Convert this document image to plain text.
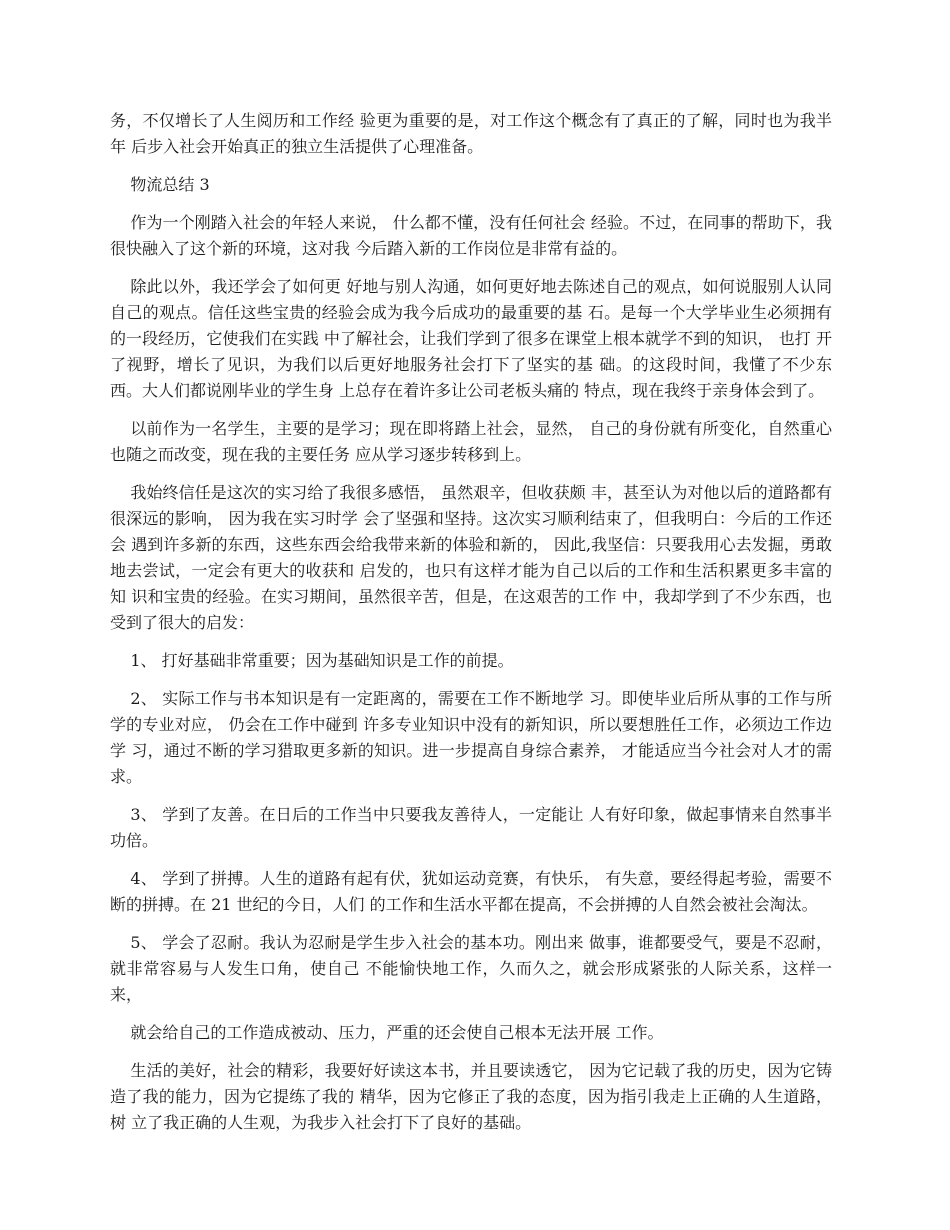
务，不仅增长了人生阅历和工作经 验更为重要的是，对工作这个概念有了真正的了解，同时也为我半年 后步入社会开始真正的独立生活提供了心理准备。

物流总结 3

作为一个刚踏入社会的年轻人来说， 什么都不懂，没有任何社会 经验。不过，在同事的帮助下，我很快融入了这个新的环境，这对我 今后踏入新的工作岗位是非常有益的。

除此以外，我还学会了如何更 好地与别人沟通，如何更好地去陈述自己的观点，如何说服别人认同 自己的观点。信任这些宝贵的经验会成为我今后成功的最重要的基 石。是每一个大学毕业生必须拥有的一段经历，它使我们在实践 中了解社会，让我们学到了很多在课堂上根本就学不到的知识， 也打 开了视野，增长了见识，为我们以后更好地服务社会打下了坚实的基 础。的这段时间，我懂了不少东西。大人们都说刚毕业的学生身 上总存在着许多让公司老板头痛的 特点，现在我终于亲身体会到了。

以前作为一名学生，主要的是学习；现在即将踏上社会，显然， 自己的身份就有所变化，自然重心也随之而改变，现在我的主要任务 应从学习逐步转移到上。

我始终信任是这次的实习给了我很多感悟， 虽然艰辛，但收获颇 丰，甚至认为对他以后的道路都有很深远的影响， 因为我在实习时学 会了坚强和坚持。这次实习顺利结束了，但我明白：今后的工作还会 遇到许多新的东西，这些东西会给我带来新的体验和新的， 因此,我坚信：只要我用心去发掘，勇敢地去尝试，一定会有更大的收获和 启发的，也只有这样才能为自己以后的工作和生活积累更多丰富的知 识和宝贵的经验。在实习期间，虽然很辛苦，但是，在这艰苦的工作 中，我却学到了不少东西，也受到了很大的启发：

1、 打好基础非常重要；因为基础知识是工作的前提。

2、 实际工作与书本知识是有一定距离的，需要在工作不断地学 习。即使毕业后所从事的工作与所学的专业对应， 仍会在工作中碰到 许多专业知识中没有的新知识，所以要想胜任工作，必须边工作边学 习，通过不断的学习猎取更多新的知识。进一步提高自身综合素养， 才能适应当今社会对人才的需求。

3、 学到了友善。在日后的工作当中只要我友善待人，一定能让 人有好印象，做起事情来自然事半功倍。

4、 学到了拼搏。人生的道路有起有伏，犹如运动竞赛，有快乐， 有失意，要经得起考验，需要不断的拼搏。在 21 世纪的今日，人们 的工作和生活水平都在提高，不会拼搏的人自然会被社会淘汰。

5、 学会了忍耐。我认为忍耐是学生步入社会的基本功。刚出来 做事，谁都要受气，要是不忍耐，就非常容易与人发生口角，使自己 不能愉快地工作，久而久之，就会形成紧张的人际关系，这样一来，

就会给自己的工作造成被动、压力，严重的还会使自己根本无法开展 工作。

生活的美好，社会的精彩，我要好好读这本书，并且要读透它， 因为它记载了我的历史，因为它铸造了我的能力，因为它提练了我的 精华，因为它修正了我的态度，因为指引我走上正确的人生道路，树 立了我正确的人生观，为我步入社会打下了良好的基础。
